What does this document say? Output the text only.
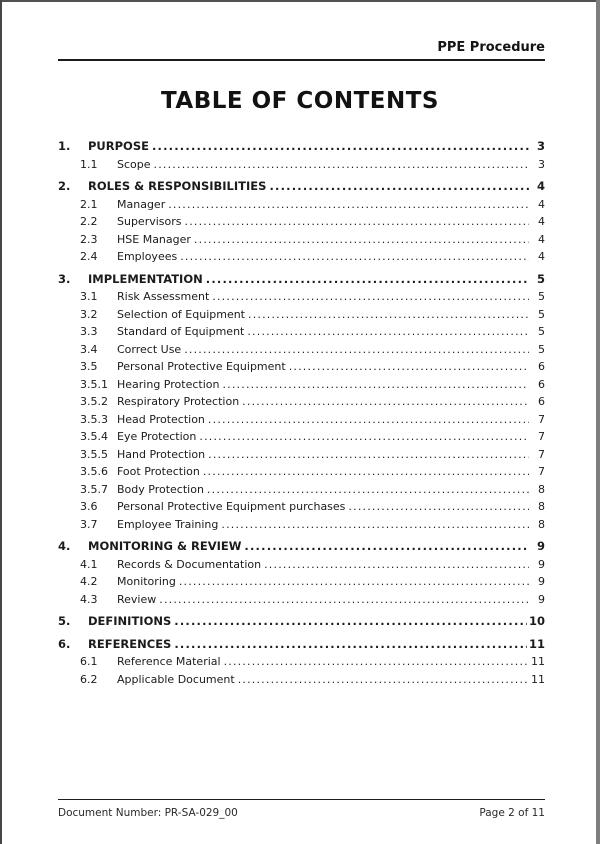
PPE Procedure
TABLE OF CONTENTS
1.	PURPOSE .....	3
1.1	Scope .....	3
2.	ROLES & RESPONSIBILITIES .....	4
2.1	Manager .....	4
2.2	Supervisors .....	4
2.3	HSE Manager .....	4
2.4	Employees .....	4
3.	IMPLEMENTATION .....	5
3.1	Risk Assessment .....	5
3.2	Selection of Equipment .....	5
3.3	Standard of Equipment .....	5
3.4	Correct Use .....	5
3.5	Personal Protective Equipment .....	6
3.5.1 Hearing Protection .....	6
3.5.2 Respiratory Protection .....	6
3.5.3 Head Protection .....	7
3.5.4 Eye Protection .....	7
3.5.5 Hand Protection .....	7
3.5.6 Foot Protection .....	7
3.5.7 Body Protection .....	8
3.6	Personal Protective Equipment purchases .....	8
3.7	Employee Training .....	8
4.	MONITORING & REVIEW .....	9
4.1	Records & Documentation .....	9
4.2	Monitoring .....	9
4.3	Review .....	9
5.	DEFINITIONS .....	10
6.	REFERENCES .....	11
6.1	Reference Material .....	11
6.2	Applicable Document .....	11
Document Number: PR-SA-029_00	Page 2 of 11
